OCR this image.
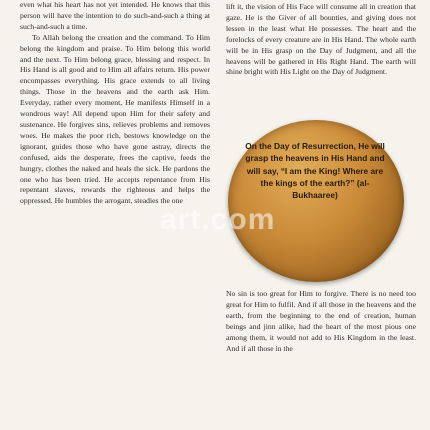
even what his heart has not yet intended. He knows that this person will have the intention to do such-and-such a thing at such-and-such a time.

To Allah belong the creation and the command. To Him belong the kingdom and praise. To Him belong this world and the next. To Him belong grace, blessing and respect. In His Hand is all good and to Him all affairs return. His power encompasses everything. His grace extends to all living things. Those in the heavens and the earth ask Him. Everyday, rather every moment, He manifests Himself in a wondrous way! All depend upon Him for their safety and sustenance. He forgives sins, relieves problems and removes woes. He makes the poor rich, bestows knowledge on the ignorant, guides those who have gone astray, directs the confused, aids the desperate, frees the captive, feeds the hungry, clothes the naked and heals the sick. He pardons the one who has been tried. He accepts repentance from His repentant slaves, rewards the righteous and helps the oppressed. He humbles the arrogant, steadies the one

lift it, the vision of His Face will consume all in creation that gaze. He is the Giver of all bounties, and giving does not lessen in the least what He possesses. The heart and the forelocks of every creature are in His Hand. The whole earth will be in His grasp on the Day of Judgment, and all the heavens will be gathered in His Right Hand. The earth will shine bright with His Light on the Day of Judgment.

On the Day of Resurrection, He will grasp the heavens in His Hand and will say, “I am the King! Where are the kings of the earth?” (al-Bukhaaree)
art.com

No sin is too great for Him to forgive. There is no need too great for Him to fulfil. And if all those in the heavens and the earth, from the beginning to the end of creation, human beings and jinn alike, had the heart of the most pious one among them, it would not add to His Kingdom in the least. And if all those in the
